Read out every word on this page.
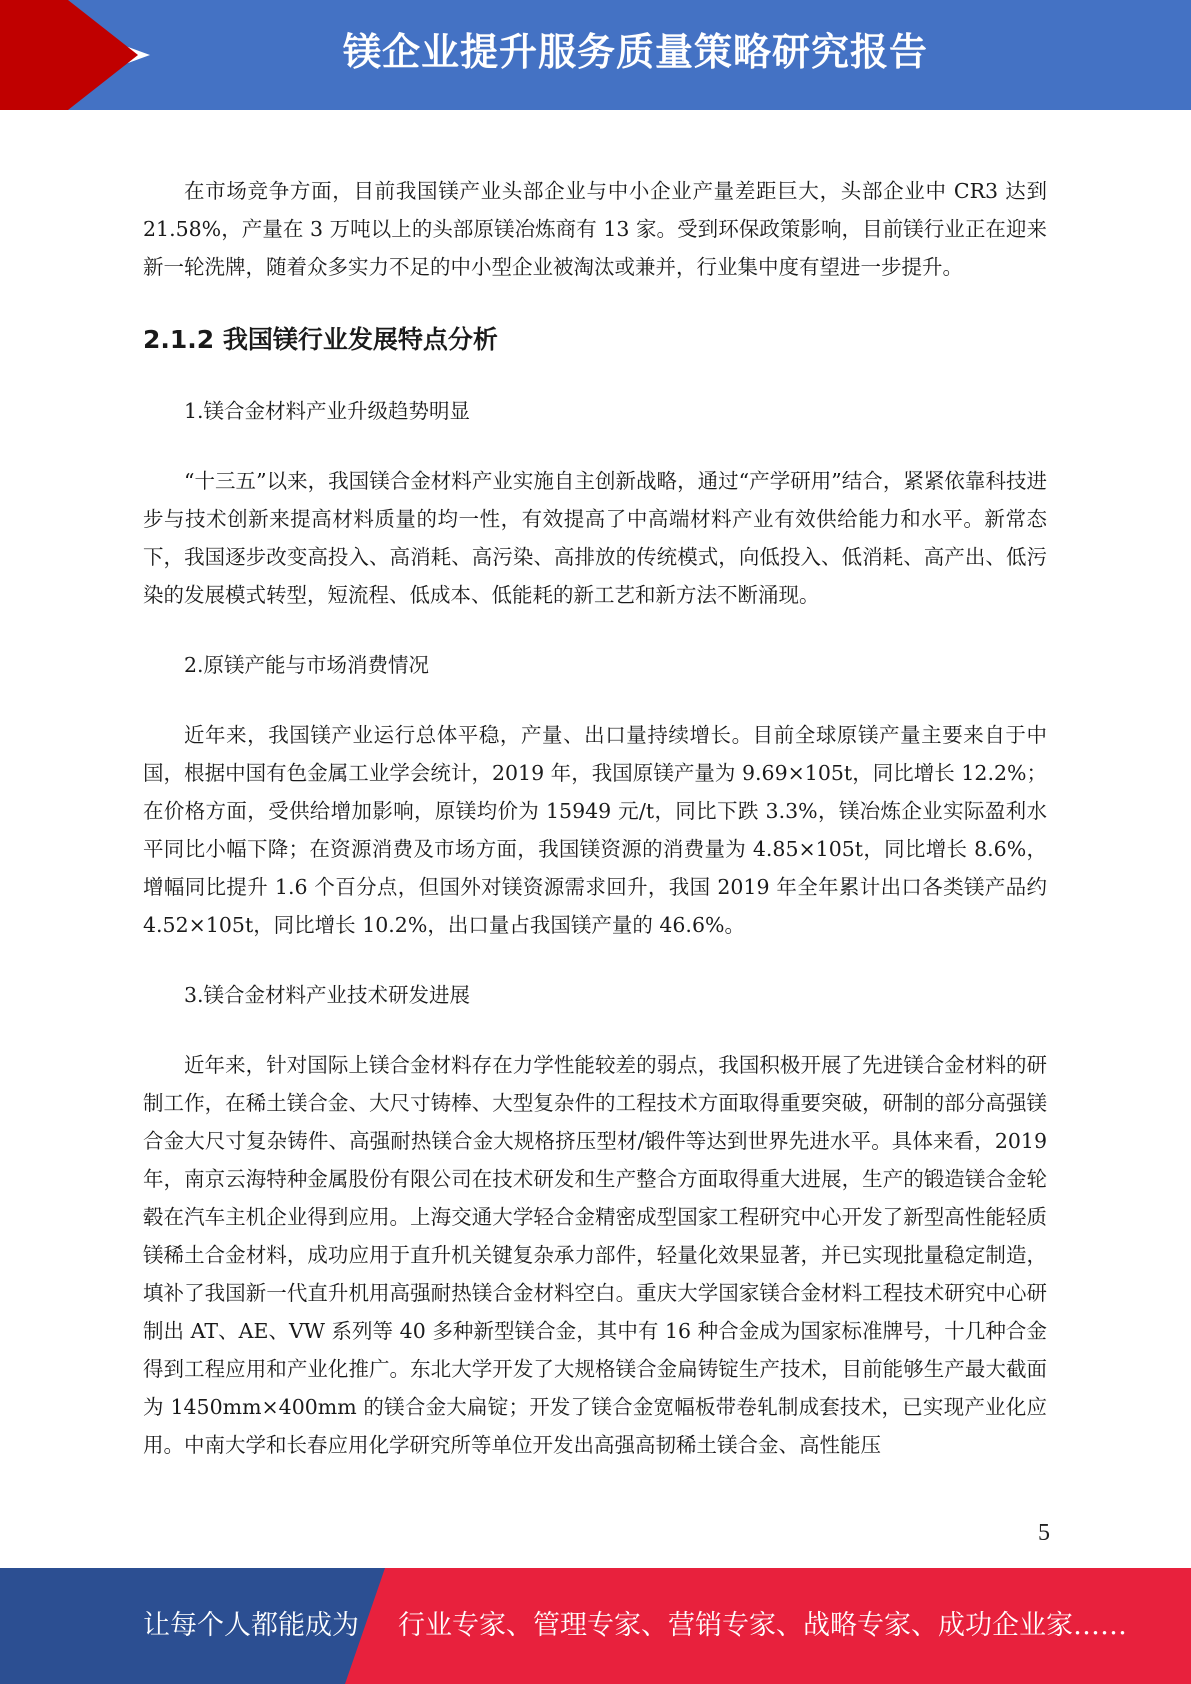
镁企业提升服务质量策略研究报告

在市场竞争方面，目前我国镁产业头部企业与中小企业产量差距巨大，头部企业中 CR3 达到 21.58%，产量在 3 万吨以上的头部原镁冶炼商有 13 家。受到环保政策影响，目前镁行业正在迎来新一轮洗牌，随着众多实力不足的中小型企业被淘汰或兼并，行业集中度有望进一步提升。

2.1.2 我国镁行业发展特点分析

1.镁合金材料产业升级趋势明显

“十三五”以来，我国镁合金材料产业实施自主创新战略，通过“产学研用”结合，紧紧依靠科技进步与技术创新来提高材料质量的均一性，有效提高了中高端材料产业有效供给能力和水平。新常态下，我国逐步改变高投入、高消耗、高污染、高排放的传统模式，向低投入、低消耗、高产出、低污染的发展模式转型，短流程、低成本、低能耗的新工艺和新方法不断涌现。

2.原镁产能与市场消费情况

近年来，我国镁产业运行总体平稳，产量、出口量持续增长。目前全球原镁产量主要来自于中国，根据中国有色金属工业学会统计，2019 年，我国原镁产量为 9.69×105t，同比增长 12.2%；在价格方面，受供给增加影响，原镁均价为 15949 元/t，同比下跌 3.3%，镁冶炼企业实际盈利水平同比小幅下降；在资源消费及市场方面，我国镁资源的消费量为 4.85×105t，同比增长 8.6%，增幅同比提升 1.6 个百分点，但国外对镁资源需求回升，我国 2019 年全年累计出口各类镁产品约 4.52×105t，同比增长 10.2%，出口量占我国镁产量的 46.6%。

3.镁合金材料产业技术研发进展

近年来，针对国际上镁合金材料存在力学性能较差的弱点，我国积极开展了先进镁合金材料的研制工作，在稀土镁合金、大尺寸铸棒、大型复杂件的工程技术方面取得重要突破，研制的部分高强镁合金大尺寸复杂铸件、高强耐热镁合金大规格挤压型材/锻件等达到世界先进水平。具体来看，2019 年，南京云海特种金属股份有限公司在技术研发和生产整合方面取得重大进展，生产的锻造镁合金轮毂在汽车主机企业得到应用。上海交通大学轻合金精密成型国家工程研究中心开发了新型高性能轻质镁稀土合金材料，成功应用于直升机关键复杂承力部件，轻量化效果显著，并已实现批量稳定制造，填补了我国新一代直升机用高强耐热镁合金材料空白。重庆大学国家镁合金材料工程技术研究中心研制出 AT、AE、VW 系列等 40 多种新型镁合金，其中有 16 种合金成为国家标准牌号，十几种合金得到工程应用和产业化推广。东北大学开发了大规格镁合金扁铸锭生产技术，目前能够生产最大截面为 1450mm×400mm 的镁合金大扁锭；开发了镁合金宽幅板带卷轧制成套技术，已实现产业化应用。中南大学和长春应用化学研究所等单位开发出高强高韧稀土镁合金、高性能压

5
让每个人都能成为 行业专家、管理专家、营销专家、战略专家、成功企业家……
